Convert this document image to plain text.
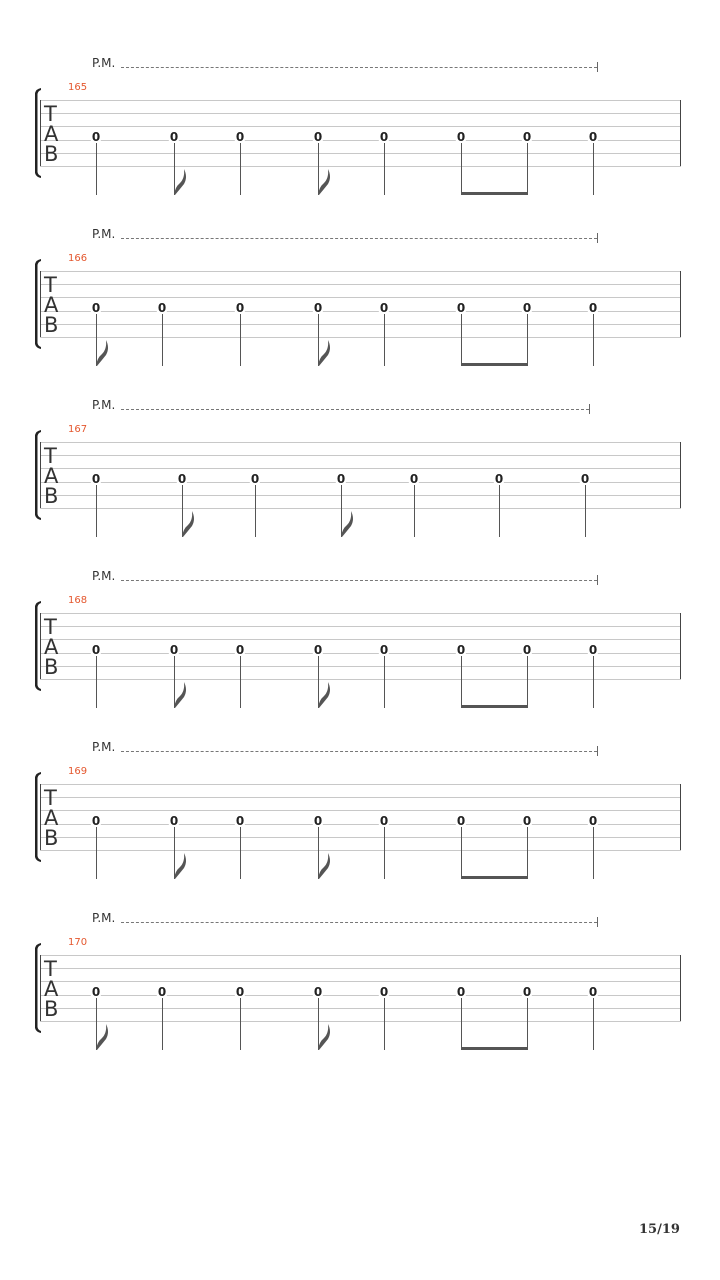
P.M.
165
T
A
B
0	0	0	0	0	0	0	0
P.M.
166
T
A
B
0	0	0	0	0	0	0	0
P.M.
167
T
A
B
0	0	0	0	0	0	0
P.M.
168
T
A
B
0	0	0	0	0	0	0	0
P.M.
169
T
A
B
0	0	0	0	0	0	0	0
P.M.
170
T
A
B
0	0	0	0	0	0	0	0
15/19
